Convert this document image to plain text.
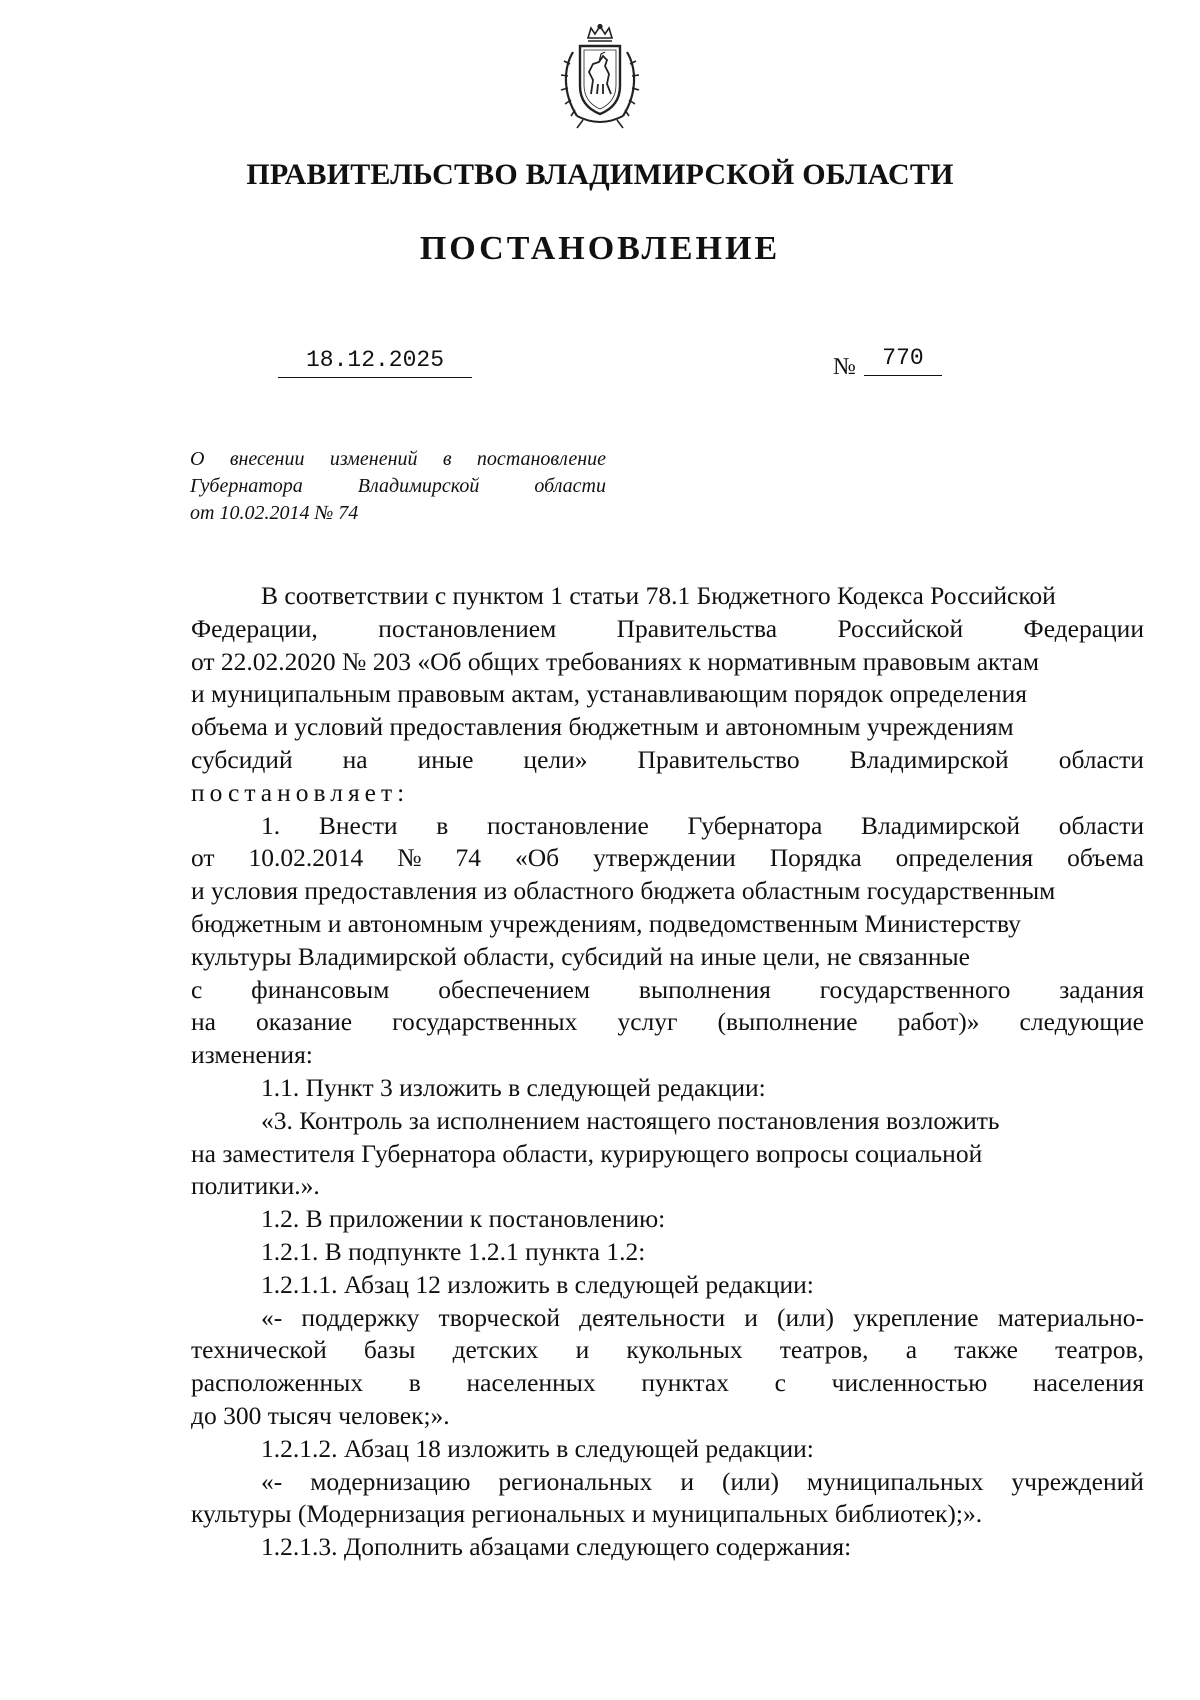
ПРАВИТЕЛЬСТВО ВЛАДИМИРСКОЙ ОБЛАСТИ
ПОСТАНОВЛЕНИЕ
18.12.2025	№	770
О внесении изменений в постановление
Губернатора Владимирской области
от 10.02.2014 № 74
В соответствии с пунктом 1 статьи 78.1 Бюджетного Кодекса Российской
Федерации, постановлением Правительства Российской Федерации
от 22.02.2020 № 203 «Об общих требованиях к нормативным правовым актам
и муниципальным правовым актам, устанавливающим порядок определения
объема и условий предоставления бюджетным и автономным учреждениям
субсидий на иные цели» Правительство Владимирской области
постановляет:
1. Внести в постановление Губернатора Владимирской области
от 10.02.2014 № 74 «Об утверждении Порядка определения объема
и условия предоставления из областного бюджета областным государственным
бюджетным и автономным учреждениям, подведомственным Министерству
культуры Владимирской области, субсидий на иные цели, не связанные
с финансовым обеспечением выполнения государственного задания
на оказание государственных услуг (выполнение работ)» следующие
изменения:
1.1. Пункт 3 изложить в следующей редакции:
«3. Контроль за исполнением настоящего постановления возложить
на заместителя Губернатора области, курирующего вопросы социальной
политики.».
1.2. В приложении к постановлению:
1.2.1. В подпункте 1.2.1 пункта 1.2:
1.2.1.1. Абзац 12 изложить в следующей редакции:
«- поддержку творческой деятельности и (или) укрепление материально-
технической базы детских и кукольных театров, а также театров,
расположенных в населенных пунктах с численностью населения
до 300 тысяч человек;».
1.2.1.2. Абзац 18 изложить в следующей редакции:
«- модернизацию региональных и (или) муниципальных учреждений
культуры (Модернизация региональных и муниципальных библиотек);».
1.2.1.3. Дополнить абзацами следующего содержания:
